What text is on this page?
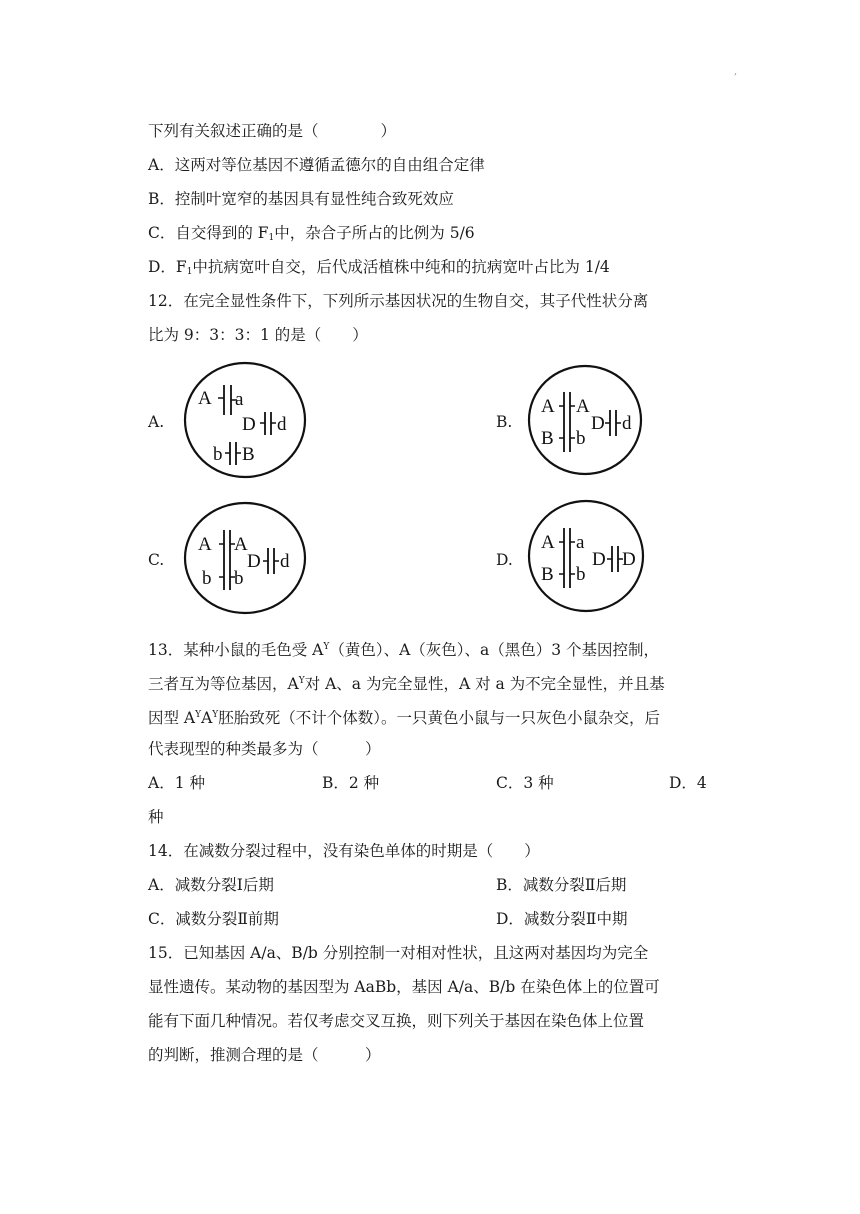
,
下列有关叙述正确的是（　　　　）
A．这两对等位基因不遵循孟德尔的自由组合定律
B．控制叶宽窄的基因具有显性纯合致死效应
C．自交得到的 $F_1$中，杂合子所占的比例为 5/6
D．$F_1$中抗病宽叶自交，后代成活植株中纯和的抗病宽叶占比为 1/4
12．在完全显性条件下，下列所示基因状况的生物自交，其子代性状分离
比为 9：3：3：1 的是（　　）
A.	B.
C.	D.
A a
D d
b B
A A
B b
D d
A A
b b
D d
A a
B b
D D
13．某种小鼠的毛色受 $A^Y$（黄色）、A（灰色）、a（黑色）3 个基因控制，
三者互为等位基因，$A^Y$对 A、a 为完全显性，A 对 a 为不完全显性，并且基
因型 $A^YA^Y$胚胎致死（不计个体数）。一只黄色小鼠与一只灰色小鼠杂交，后
代表现型的种类最多为（　　　）
A．1 种	B．2 种	C．3 种	D．4
种
14．在减数分裂过程中，没有染色单体的时期是（　　）
A．减数分裂Ⅰ后期	B．减数分裂Ⅱ后期
C．减数分裂Ⅱ前期	D．减数分裂Ⅱ中期
15．已知基因 A/a、B/b 分别控制一对相对性状，且这两对基因均为完全
显性遗传。某动物的基因型为 AaBb，基因 A/a、B/b 在染色体上的位置可
能有下面几种情况。若仅考虑交叉互换，则下列关于基因在染色体上位置
的判断，推测合理的是（　　　）
